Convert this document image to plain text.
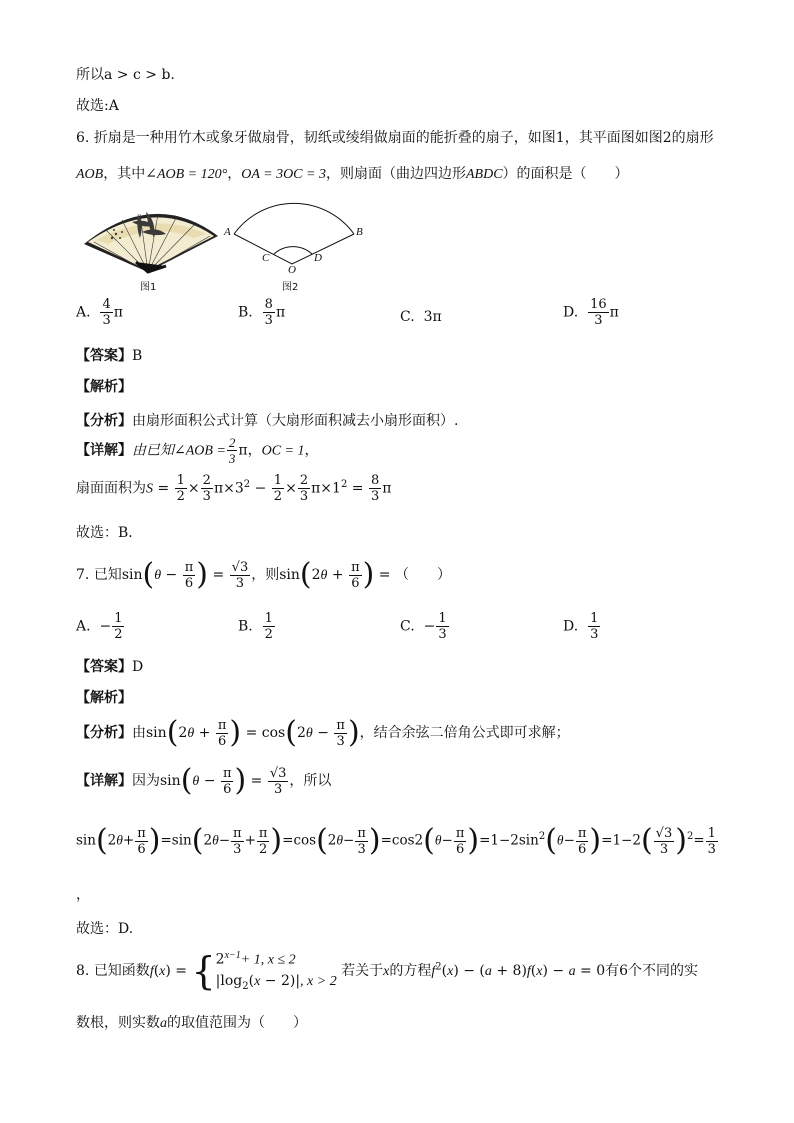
所以a > c > b.
故选:A
6. 折扇是一种用竹木或象牙做扇骨，韧纸或绫绢做扇面的能折叠的扇子，如图1，其平面图如图2的扇形
AOB，其中∠AOB = 120°，OA = 3OC = 3，则扇面（曲边四边形ABDC）的面积是（　　）
图1
A	B
C	D
O
图2
A. $\frac{4}{3}$ π	B. $\frac{8}{3}$ π	C. 3π	D. $\frac{16}{3}$ π
【答案】B
【解析】
【分析】由扇形面积公式计算（大扇形面积减去小扇形面积）.
【详解】由已知∠AOB = $\frac{2}{3}$ π，OC = 1，
扇面面积为$S = \frac{1}{2} \times \frac{2}{3} \pi\times 3^2 - \frac{1}{2} \times \frac{2}{3} \pi\times 1^2 = \frac{8}{3}$ π
故选：B．
7. 已知$\sin(\theta - \frac{\pi}{6}$ ) = $\frac{√3}{3}$ ，则$\sin(2\theta + \frac{\pi}{6}$ ) = （　　）
A. − $\frac{1}{2}$	B. $\frac{1}{2}$	C. − $\frac{1}{3}$	D. $\frac{1}{3}$
【答案】D
【解析】
【分析】由$\sin(2\theta + \frac{\pi}{6}$ ) = $\cos(2\theta - \frac{\pi}{3}$ )，结合余弦二倍角公式即可求解；
【详解】因为$\sin(\theta - \frac{\pi}{6}$ ) = $\frac{√3}{3}$ ，所以
$\sin(2\theta+ \frac{\pi}{6} )=\sin(2\theta- \frac{\pi}{3} + \frac{\pi}{2} )=\cos(2\theta- \frac{\pi}{3} )=\cos 2(\theta- \frac{\pi}{6} )=1-2\sin^2(\theta- \frac{\pi}{6} )=1-2( \frac{√3}{3} )^2= \frac{1}{3}$
，
故选：D.
8. 已知函数f(x) = { $2^{x-1}+ 1$, x ≤ 2
$|\log_2(x - 2)|$, x > 2
若关于x的方程$f^2(x) - (a + 8)f(x) - a = 0$有6个不同的实
数根，则实数a的取值范围为（　　）
